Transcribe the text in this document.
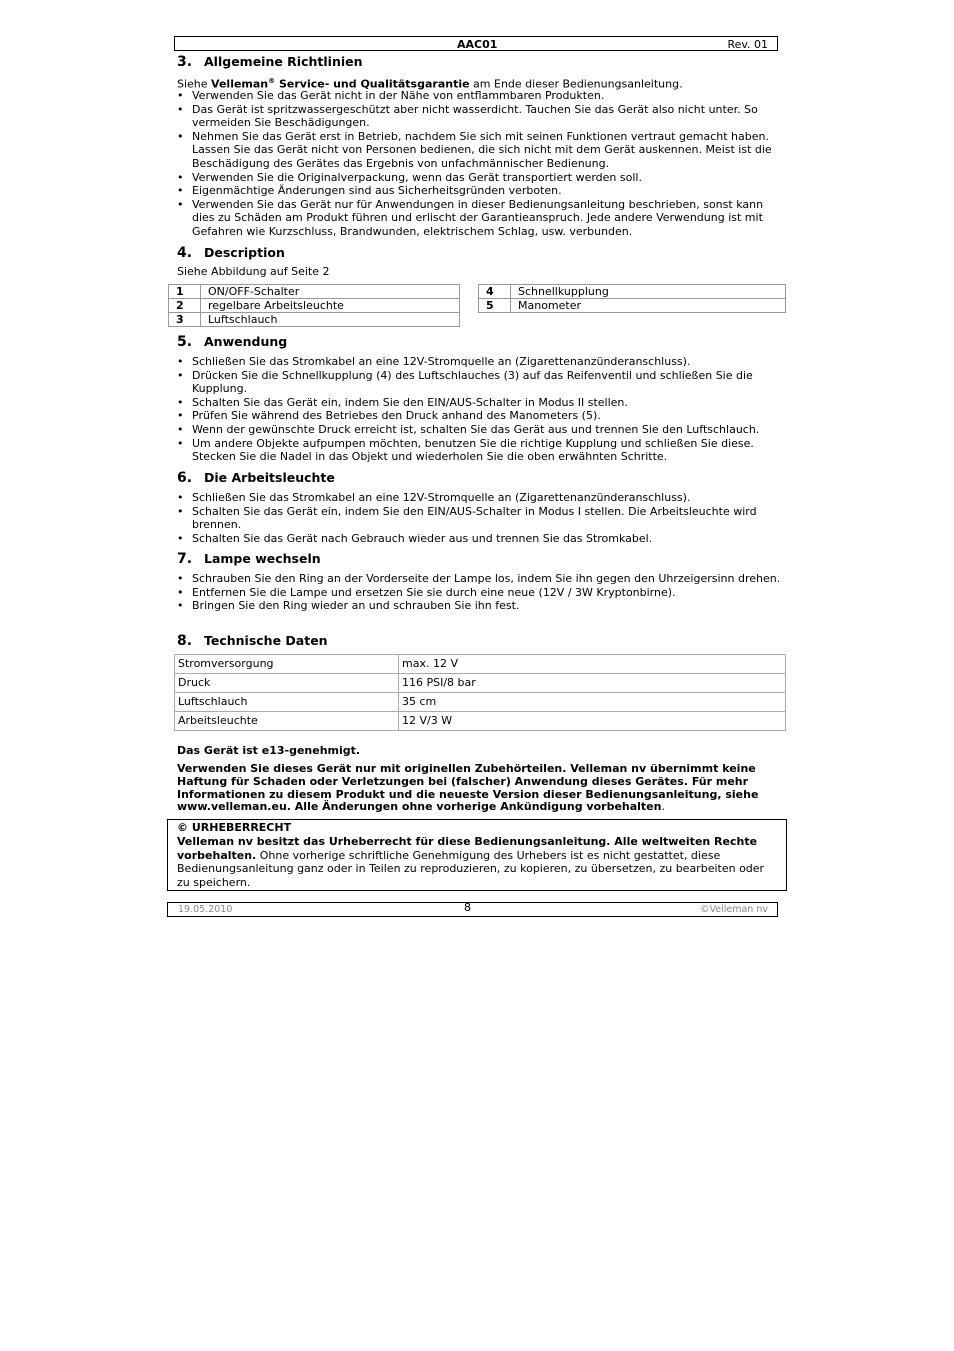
AAC01	Rev. 01
3. Allgemeine Richtlinien
Siehe Velleman® Service- und Qualitätsgarantie am Ende dieser Bedienungsanleitung.
• Verwenden Sie das Gerät nicht in der Nähe von entflammbaren Produkten.
• Das Gerät ist spritzwassergeschützt aber nicht wasserdicht. Tauchen Sie das Gerät also nicht unter. So vermeiden Sie Beschädigungen.
• Nehmen Sie das Gerät erst in Betrieb, nachdem Sie sich mit seinen Funktionen vertraut gemacht haben. Lassen Sie das Gerät nicht von Personen bedienen, die sich nicht mit dem Gerät auskennen. Meist ist die Beschädigung des Gerätes das Ergebnis von unfachmännischer Bedienung.
• Verwenden Sie die Originalverpackung, wenn das Gerät transportiert werden soll.
• Eigenmächtige Änderungen sind aus Sicherheitsgründen verboten.
• Verwenden Sie das Gerät nur für Anwendungen in dieser Bedienungsanleitung beschrieben, sonst kann dies zu Schäden am Produkt führen und erlischt der Garantieanspruch. Jede andere Verwendung ist mit Gefahren wie Kurzschluss, Brandwunden, elektrischem Schlag, usw. verbunden.
4. Description
Siehe Abbildung auf Seite 2
1	ON/OFF-Schalter
2	regelbare Arbeitsleuchte
3	Luftschlauch
4	Schnellkupplung
5	Manometer
5. Anwendung
• Schließen Sie das Stromkabel an eine 12V-Stromquelle an (Zigarettenanzünderanschluss).
• Drücken Sie die Schnellkupplung (4) des Luftschlauches (3) auf das Reifenventil und schließen Sie die Kupplung.
• Schalten Sie das Gerät ein, indem Sie den EIN/AUS-Schalter in Modus II stellen.
• Prüfen Sie während des Betriebes den Druck anhand des Manometers (5).
• Wenn der gewünschte Druck erreicht ist, schalten Sie das Gerät aus und trennen Sie den Luftschlauch.
• Um andere Objekte aufpumpen möchten, benutzen Sie die richtige Kupplung und schließen Sie diese. Stecken Sie die Nadel in das Objekt und wiederholen Sie die oben erwähnten Schritte.
6. Die Arbeitsleuchte
• Schließen Sie das Stromkabel an eine 12V-Stromquelle an (Zigarettenanzünderanschluss).
• Schalten Sie das Gerät ein, indem Sie den EIN/AUS-Schalter in Modus I stellen. Die Arbeitsleuchte wird brennen.
• Schalten Sie das Gerät nach Gebrauch wieder aus und trennen Sie das Stromkabel.
7. Lampe wechseln
• Schrauben Sie den Ring an der Vorderseite der Lampe los, indem Sie ihn gegen den Uhrzeigersinn drehen.
• Entfernen Sie die Lampe und ersetzen Sie sie durch eine neue (12V / 3W Kryptonbirne).
• Bringen Sie den Ring wieder an und schrauben Sie ihn fest.
8. Technische Daten
Stromversorgung	max. 12 V
Druck	116 PSI/8 bar
Luftschlauch	35 cm
Arbeitsleuchte	12 V/3 W
Das Gerät ist e13-genehmigt.
Verwenden Sie dieses Gerät nur mit originellen Zubehörteilen. Velleman nv übernimmt keine Haftung für Schaden oder Verletzungen bei (falscher) Anwendung dieses Gerätes. Für mehr Informationen zu diesem Produkt und die neueste Version dieser Bedienungsanleitung, siehe www.velleman.eu. Alle Änderungen ohne vorherige Ankündigung vorbehalten.
© URHEBERRECHT
Velleman nv besitzt das Urheberrecht für diese Bedienungsanleitung. Alle weltweiten Rechte vorbehalten. Ohne vorherige schriftliche Genehmigung des Urhebers ist es nicht gestattet, diese Bedienungsanleitung ganz oder in Teilen zu reproduzieren, zu kopieren, zu übersetzen, zu bearbeiten oder zu speichern.
19.05.2010	8	©Velleman nv
